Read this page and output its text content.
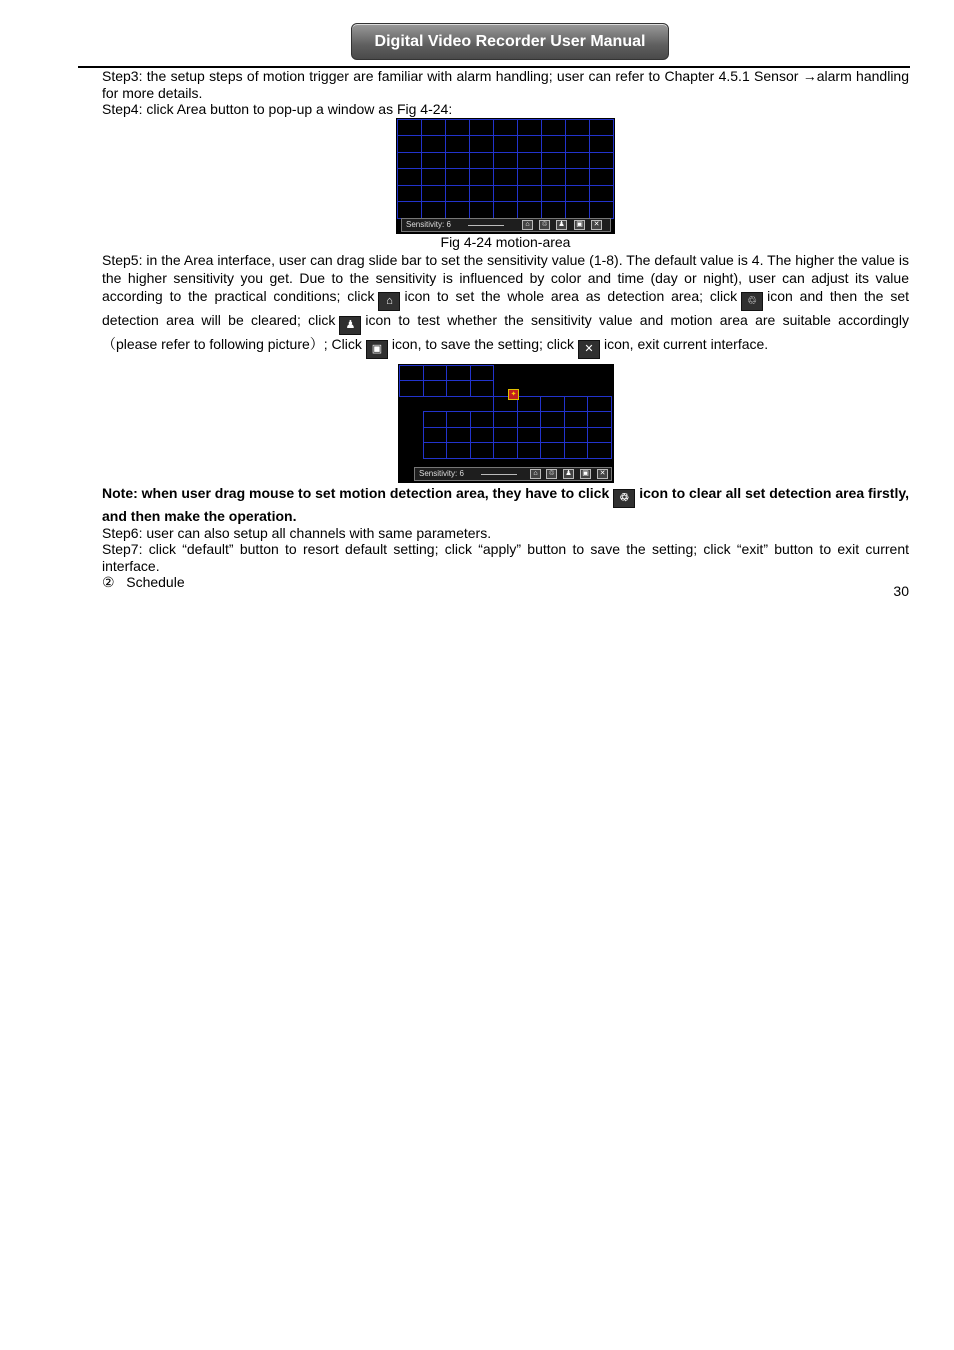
Digital Video Recorder User Manual

Step3: the setup steps of motion trigger are familiar with alarm handling; user can refer to Chapter 4.5.1 Sensor →alarm handling for more details.

Step4: click Area button to pop-up a window as Fig 4-24:

Sensitivity: 6	⌂	♲	♟	▣	✕

Fig 4-24 motion-area

Step5: in the Area interface, user can drag slide bar to set the sensitivity value (1-8). The default value is 4. The higher the value is the higher sensitivity you get. Due to the sensitivity is influenced by color and time (day or night), user can adjust its value according to the practical conditions; click ⌂ icon to set the whole area as detection area; click ♲ icon and then the set detection area will be cleared; click ♟ icon to test whether the sensitivity value and motion area are suitable accordingly （please refer to following picture）; Click ▣ icon, to save the setting; click ✕ icon, exit current interface.

✦
Sensitivity: 6	⌂	♲	♟	▣	✕

Note: when user drag mouse to set motion detection area, they have to click ♲ icon to clear all set detection area firstly, and then make the operation.

Step6: user can also setup all channels with same parameters.

Step7: click “default” button to resort default setting; click “apply” button to save the setting; click “exit” button to exit current interface.

② Schedule

30
